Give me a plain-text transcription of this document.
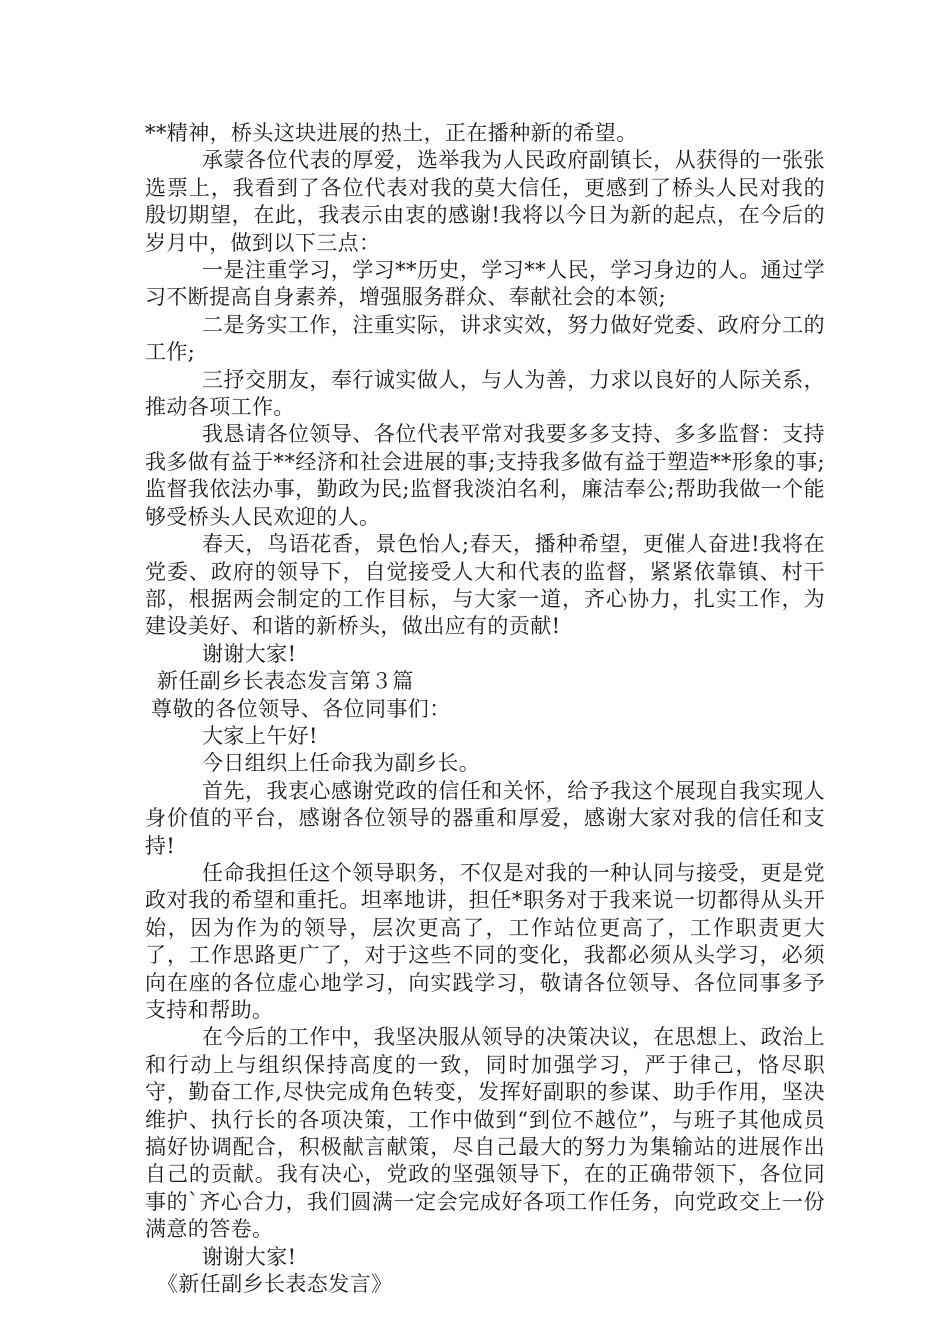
**精神，桥头这块进展的热土，正在播种新的希望。

承蒙各位代表的厚爱，选举我为人民政府副镇长，从获得的一张张选票上，我看到了各位代表对我的莫大信任，更感到了桥头人民对我的殷切期望，在此，我表示由衷的感谢!我将以今日为新的起点，在今后的岁月中，做到以下三点：

一是注重学习，学习**历史，学习**人民，学习身边的人。通过学习不断提高自身素养，增强服务群众、奉献社会的本领;

二是务实工作，注重实际，讲求实效，努力做好党委、政府分工的工作;

三抒交朋友，奉行诚实做人，与人为善，力求以良好的人际关系，推动各项工作。

我恳请各位领导、各位代表平常对我要多多支持、多多监督：支持我多做有益于**经济和社会进展的事;支持我多做有益于塑造**形象的事;监督我依法办事，勤政为民;监督我淡泊名利，廉洁奉公;帮助我做一个能够受桥头人民欢迎的人。

春天，鸟语花香，景色怡人;春天，播种希望，更催人奋进!我将在党委、政府的领导下，自觉接受人大和代表的监督，紧紧依靠镇、村干部，根据两会制定的工作目标，与大家一道，齐心协力，扎实工作，为建设美好、和谐的新桥头，做出应有的贡献!

谢谢大家!

新任副乡长表态发言第３篇

尊敬的各位领导、各位同事们：

大家上午好!

今日组织上任命我为副乡长。

首先，我衷心感谢党政的信任和关怀，给予我这个展现自我实现人身价值的平台，感谢各位领导的器重和厚爱，感谢大家对我的信任和支持!

任命我担任这个领导职务，不仅是对我的一种认同与接受，更是党政对我的希望和重托。坦率地讲，担任*职务对于我来说一切都得从头开始，因为作为的领导，层次更高了，工作站位更高了，工作职责更大了，工作思路更广了，对于这些不同的变化，我都必须从头学习，必须向在座的各位虚心地学习，向实践学习，敬请各位领导、各位同事多予支持和帮助。

在今后的工作中，我坚决服从领导的决策决议，在思想上、政治上和行动上与组织保持高度的一致，同时加强学习，严于律己，恪尽职守，勤奋工作,尽快完成角色转变，发挥好副职的参谋、助手作用，坚决维护、执行长的各项决策，工作中做到“到位不越位”，与班子其他成员搞好协调配合，积极献言献策，尽自己最大的努力为集输站的进展作出自己的贡献。我有决心，党政的坚强领导下，在的正确带领下，各位同事的`齐心合力，我们圆满一定会完成好各项工作任务，向党政交上一份满意的答卷。

谢谢大家!

《新任副乡长表态发言》
